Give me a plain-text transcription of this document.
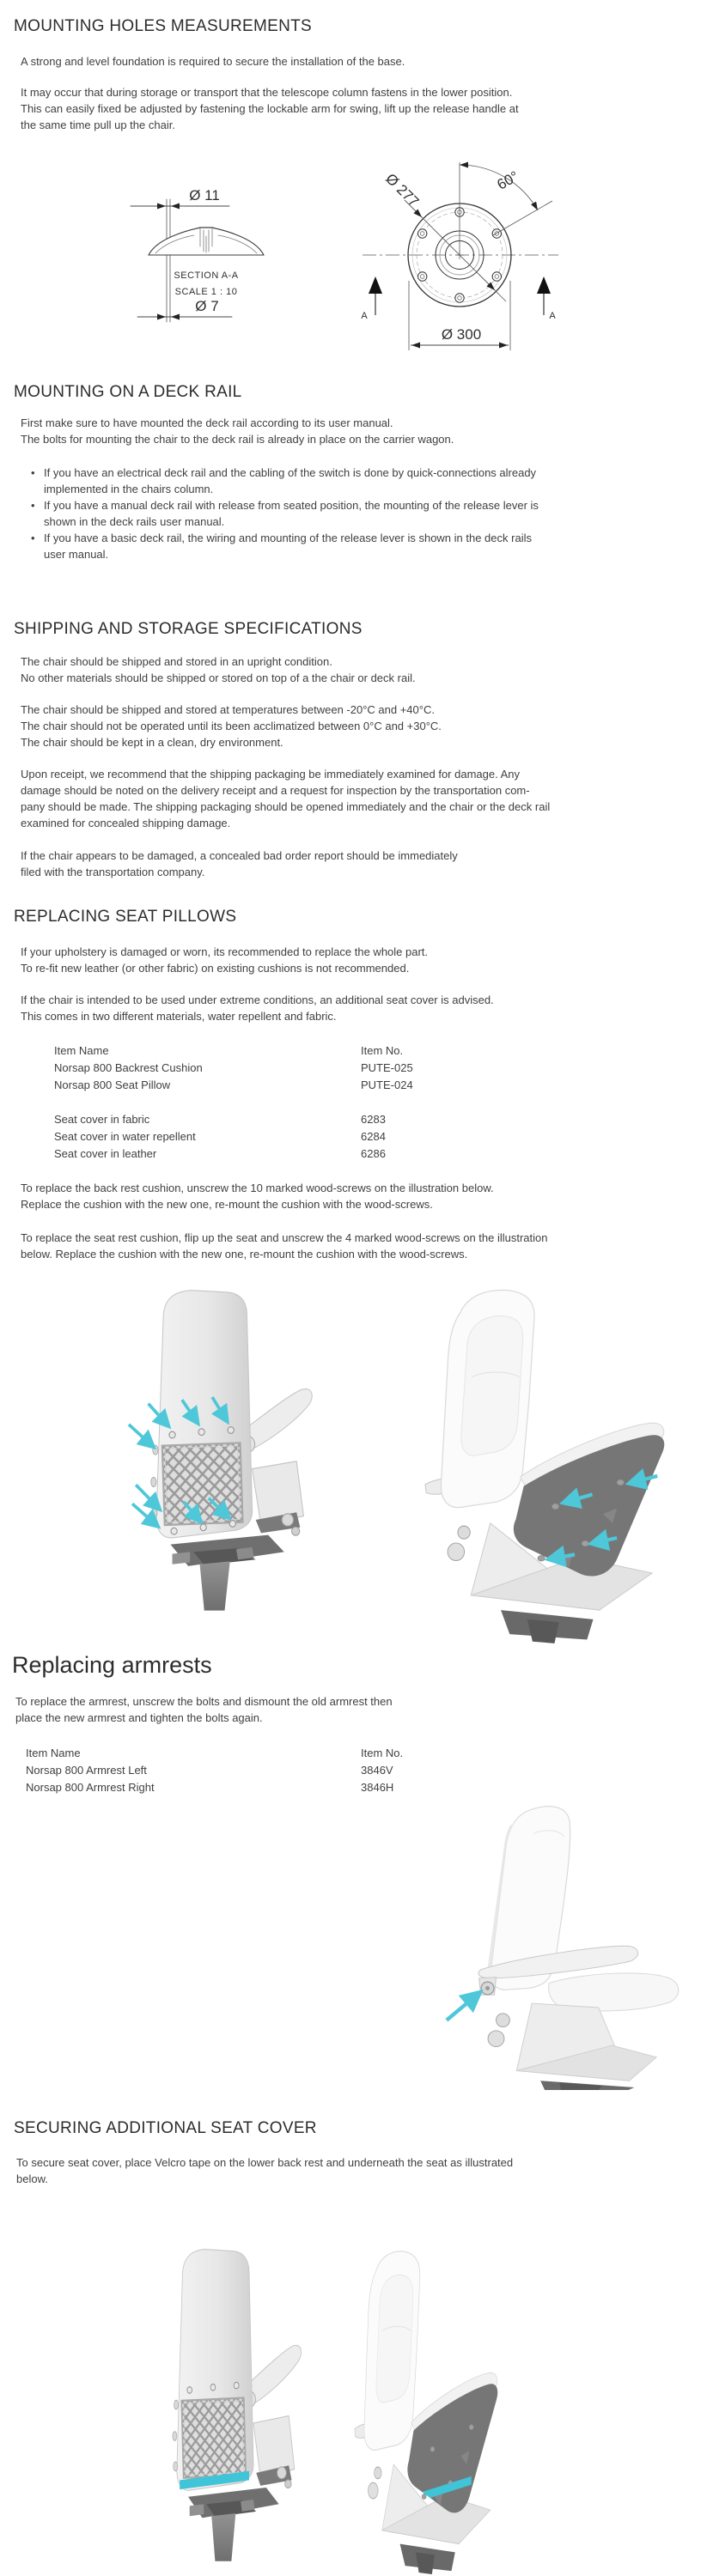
MOUNTING HOLES MEASUREMENTS
A strong and level foundation is required to secure the installation of the base.
It may occur that during storage or transport that the telescope column fastens in the lower position.
This can easily fixed be adjusted by fastening the lockable arm for swing, lift up the release handle at
the same time pull up the chair.
Ø 11
SECTION A-A
SCALE 1 : 10
Ø 7
60°
Ø 277
A	A
Ø 300
MOUNTING ON A DECK RAIL
First make sure to have mounted the deck rail according to its user manual.
The bolts for mounting the chair to the deck rail is already in place on the carrier wagon.
• If you have an electrical deck rail and the cabling of the switch is done by quick-connections already
implemented in the chairs column.
• If you have a manual deck rail with release from seated position, the mounting of the release lever is
shown in the deck rails user manual.
• If you have a basic deck rail, the wiring and mounting of the release lever is shown in the deck rails
user manual.
SHIPPING AND STORAGE SPECIFICATIONS
The chair should be shipped and stored in an upright condition.
No other materials should be shipped or stored on top of a the chair or deck rail.
The chair should be shipped and stored at temperatures between -20°C and +40°C.
The chair should not be operated until its been acclimatized between 0°C and +30°C.
The chair should be kept in a clean, dry environment.
Upon receipt, we recommend that the shipping packaging be immediately examined for damage. Any
damage should be noted on the delivery receipt and a request for inspection by the transportation com-
pany should be made. The shipping packaging should be opened immediately and the chair or the deck rail
examined for concealed shipping damage.
If the chair appears to be damaged, a concealed bad order report should be immediately
filed with the transportation company.
REPLACING SEAT PILLOWS
If your upholstery is damaged or worn, its recommended to replace the whole part.
To re-fit new leather (or other fabric) on existing cushions is not recommended.
If the chair is intended to be used under extreme conditions, an additional seat cover is advised.
This comes in two different materials, water repellent and fabric.
Item Name	Item No.
Norsap 800 Backrest Cushion	PUTE-025
Norsap 800 Seat Pillow	PUTE-024
Seat cover in fabric	6283
Seat cover in water repellent	6284
Seat cover in leather	6286
To replace the back rest cushion, unscrew the 10 marked wood-screws on the illustration below.
Replace the cushion with the new one, re-mount the cushion with the wood-screws.
To replace the seat rest cushion, flip up the seat and unscrew the 4 marked wood-screws on the illustration
below. Replace the cushion with the new one, re-mount the cushion with the wood-screws.
Replacing armrests
To replace the armrest, unscrew the bolts and dismount the old armrest then
place the new armrest and tighten the bolts again.
Item Name	Item No.
Norsap 800 Armrest Left	3846V
Norsap 800 Armrest Right	3846H
SECURING ADDITIONAL SEAT COVER
To secure seat cover, place Velcro tape on the lower back rest and underneath the seat as illustrated
below.
